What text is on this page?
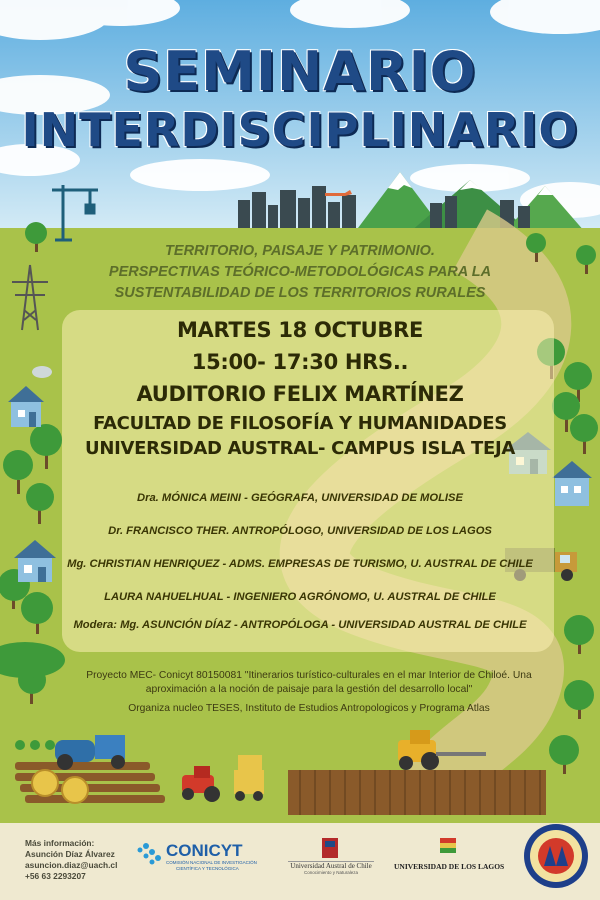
SEMINARIO
INTERDISCIPLINARIO
TERRITORIO, PAISAJE Y PATRIMONIO.
PERSPECTIVAS TEÓRICO-METODOLÓGICAS PARA LA
SUSTENTABILIDAD DE LOS TERRITORIOS RURALES
MARTES 18 OCTUBRE
15:00- 17:30 HRS..
AUDITORIO FELIX MARTÍNEZ
FACULTAD DE FILOSOFÍA Y HUMANIDADES
UNIVERSIDAD AUSTRAL- CAMPUS ISLA TEJA
Dra. MÓNICA MEINI - GEÓGRAFA, UNIVERSIDAD DE MOLISE
Dr. FRANCISCO THER. ANTROPÓLOGO, UNIVERSIDAD DE LOS LAGOS
Mg. CHRISTIAN HENRIQUEZ - ADMS. EMPRESAS DE TURISMO, U. AUSTRAL DE CHILE
LAURA NAHUELHUAL - INGENIERO AGRÓNOMO, U. AUSTRAL DE CHILE
Modera: Mg. ASUNCIÓN DÍAZ - ANTROPÓLOGA - UNIVERSIDAD AUSTRAL DE CHILE
Proyecto MEC- Conicyt 80150081 "Itinerarios turístico-culturales en el mar Interior de Chiloé. Una aproximación a la noción de paisaje para la gestión del desarrollo local"
Organiza nucleo TESES, Instituto de Estudios Antropologicos y Programa Atlas
Más información:
Asunción Díaz Álvarez
asuncion.diaz@uach.cl
+56 63 2293207
CONICYT
COMISIÓN NACIONAL DE INVESTIGACIÓN
CIENTÍFICA Y TECNOLÓGICA	Universidad Austral de Chile
Conocimiento y Naturaleza
UNIVERSIDAD DE LOS LAGOS
